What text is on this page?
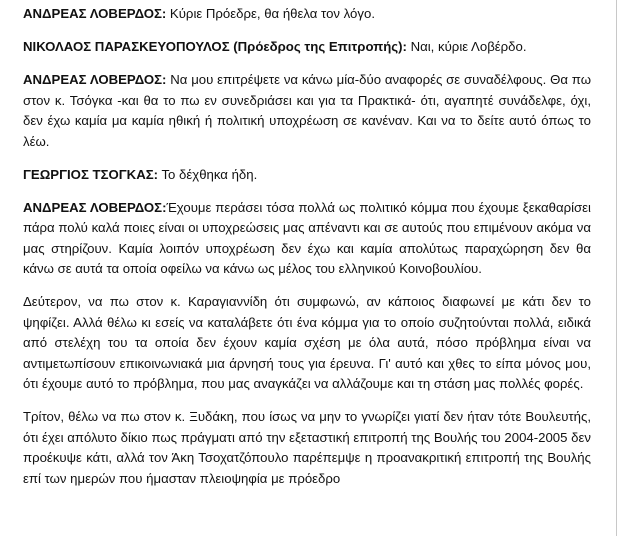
ΑΝΔΡΕΑΣ ΛΟΒΕΡΔΟΣ: Κύριε Πρόεδρε, θα ήθελα τον λόγο.

ΝΙΚΟΛΑΟΣ ΠΑΡΑΣΚΕΥΟΠΟΥΛΟΣ (Πρόεδρος της Επιτροπής): Ναι, κύριε Λοβέρδο.

ΑΝΔΡΕΑΣ ΛΟΒΕΡΔΟΣ: Να μου επιτρέψετε να κάνω μία-δύο αναφορές σε συναδέλφους. Θα πω στον κ. Τσόγκα -και θα το πω εν συνεδριάσει και για τα Πρακτικά- ότι, αγαπητέ συνάδελφε, όχι, δεν έχω καμία μα καμία ηθική ή πολιτική υποχρέωση σε κανέναν. Και να το δείτε αυτό όπως το λέω.

ΓΕΩΡΓΙΟΣ ΤΣΟΓΚΑΣ: Το δέχθηκα ήδη.

ΑΝΔΡΕΑΣ ΛΟΒΕΡΔΟΣ:Έχουμε περάσει τόσα πολλά ως πολιτικό κόμμα που έχουμε ξεκαθαρίσει πάρα πολύ καλά ποιες είναι οι υποχρεώσεις μας απέναντι και σε αυτούς που επιμένουν ακόμα να μας στηρίζουν. Καμία λοιπόν υποχρέωση δεν έχω και καμία απολύτως παραχώρηση δεν θα κάνω σε αυτά τα οποία οφείλω να κάνω ως μέλος του ελληνικού Κοινοβουλίου.

Δεύτερον, να πω στον κ. Καραγιαννίδη ότι συμφωνώ, αν κάποιος διαφωνεί με κάτι δεν το ψηφίζει. Αλλά θέλω κι εσείς να καταλάβετε ότι ένα κόμμα για το οποίο συζητούνται πολλά, ειδικά από στελέχη του τα οποία δεν έχουν καμία σχέση με όλα αυτά, πόσο πρόβλημα είναι να αντιμετωπίσουν επικοινωνιακά μια άρνησή τους για έρευνα. Γι' αυτό και χθες το είπα μόνος μου, ότι έχουμε αυτό το πρόβλημα, που μας αναγκάζει να αλλάζουμε και τη στάση μας πολλές φορές.

Τρίτον, θέλω να πω στον κ. Ξυδάκη, που ίσως να μην το γνωρίζει γιατί δεν ήταν τότε Βουλευτής, ότι έχει απόλυτο δίκιο πως πράγματι από την εξεταστική επιτροπή της Βουλής του 2004-2005 δεν προέκυψε κάτι, αλλά τον Άκη Τσοχατζόπουλο παρέπεμψε η προανακριτική επιτροπή της Βουλής επί των ημερών που ήμασταν πλειοψηφία με πρόεδρο
